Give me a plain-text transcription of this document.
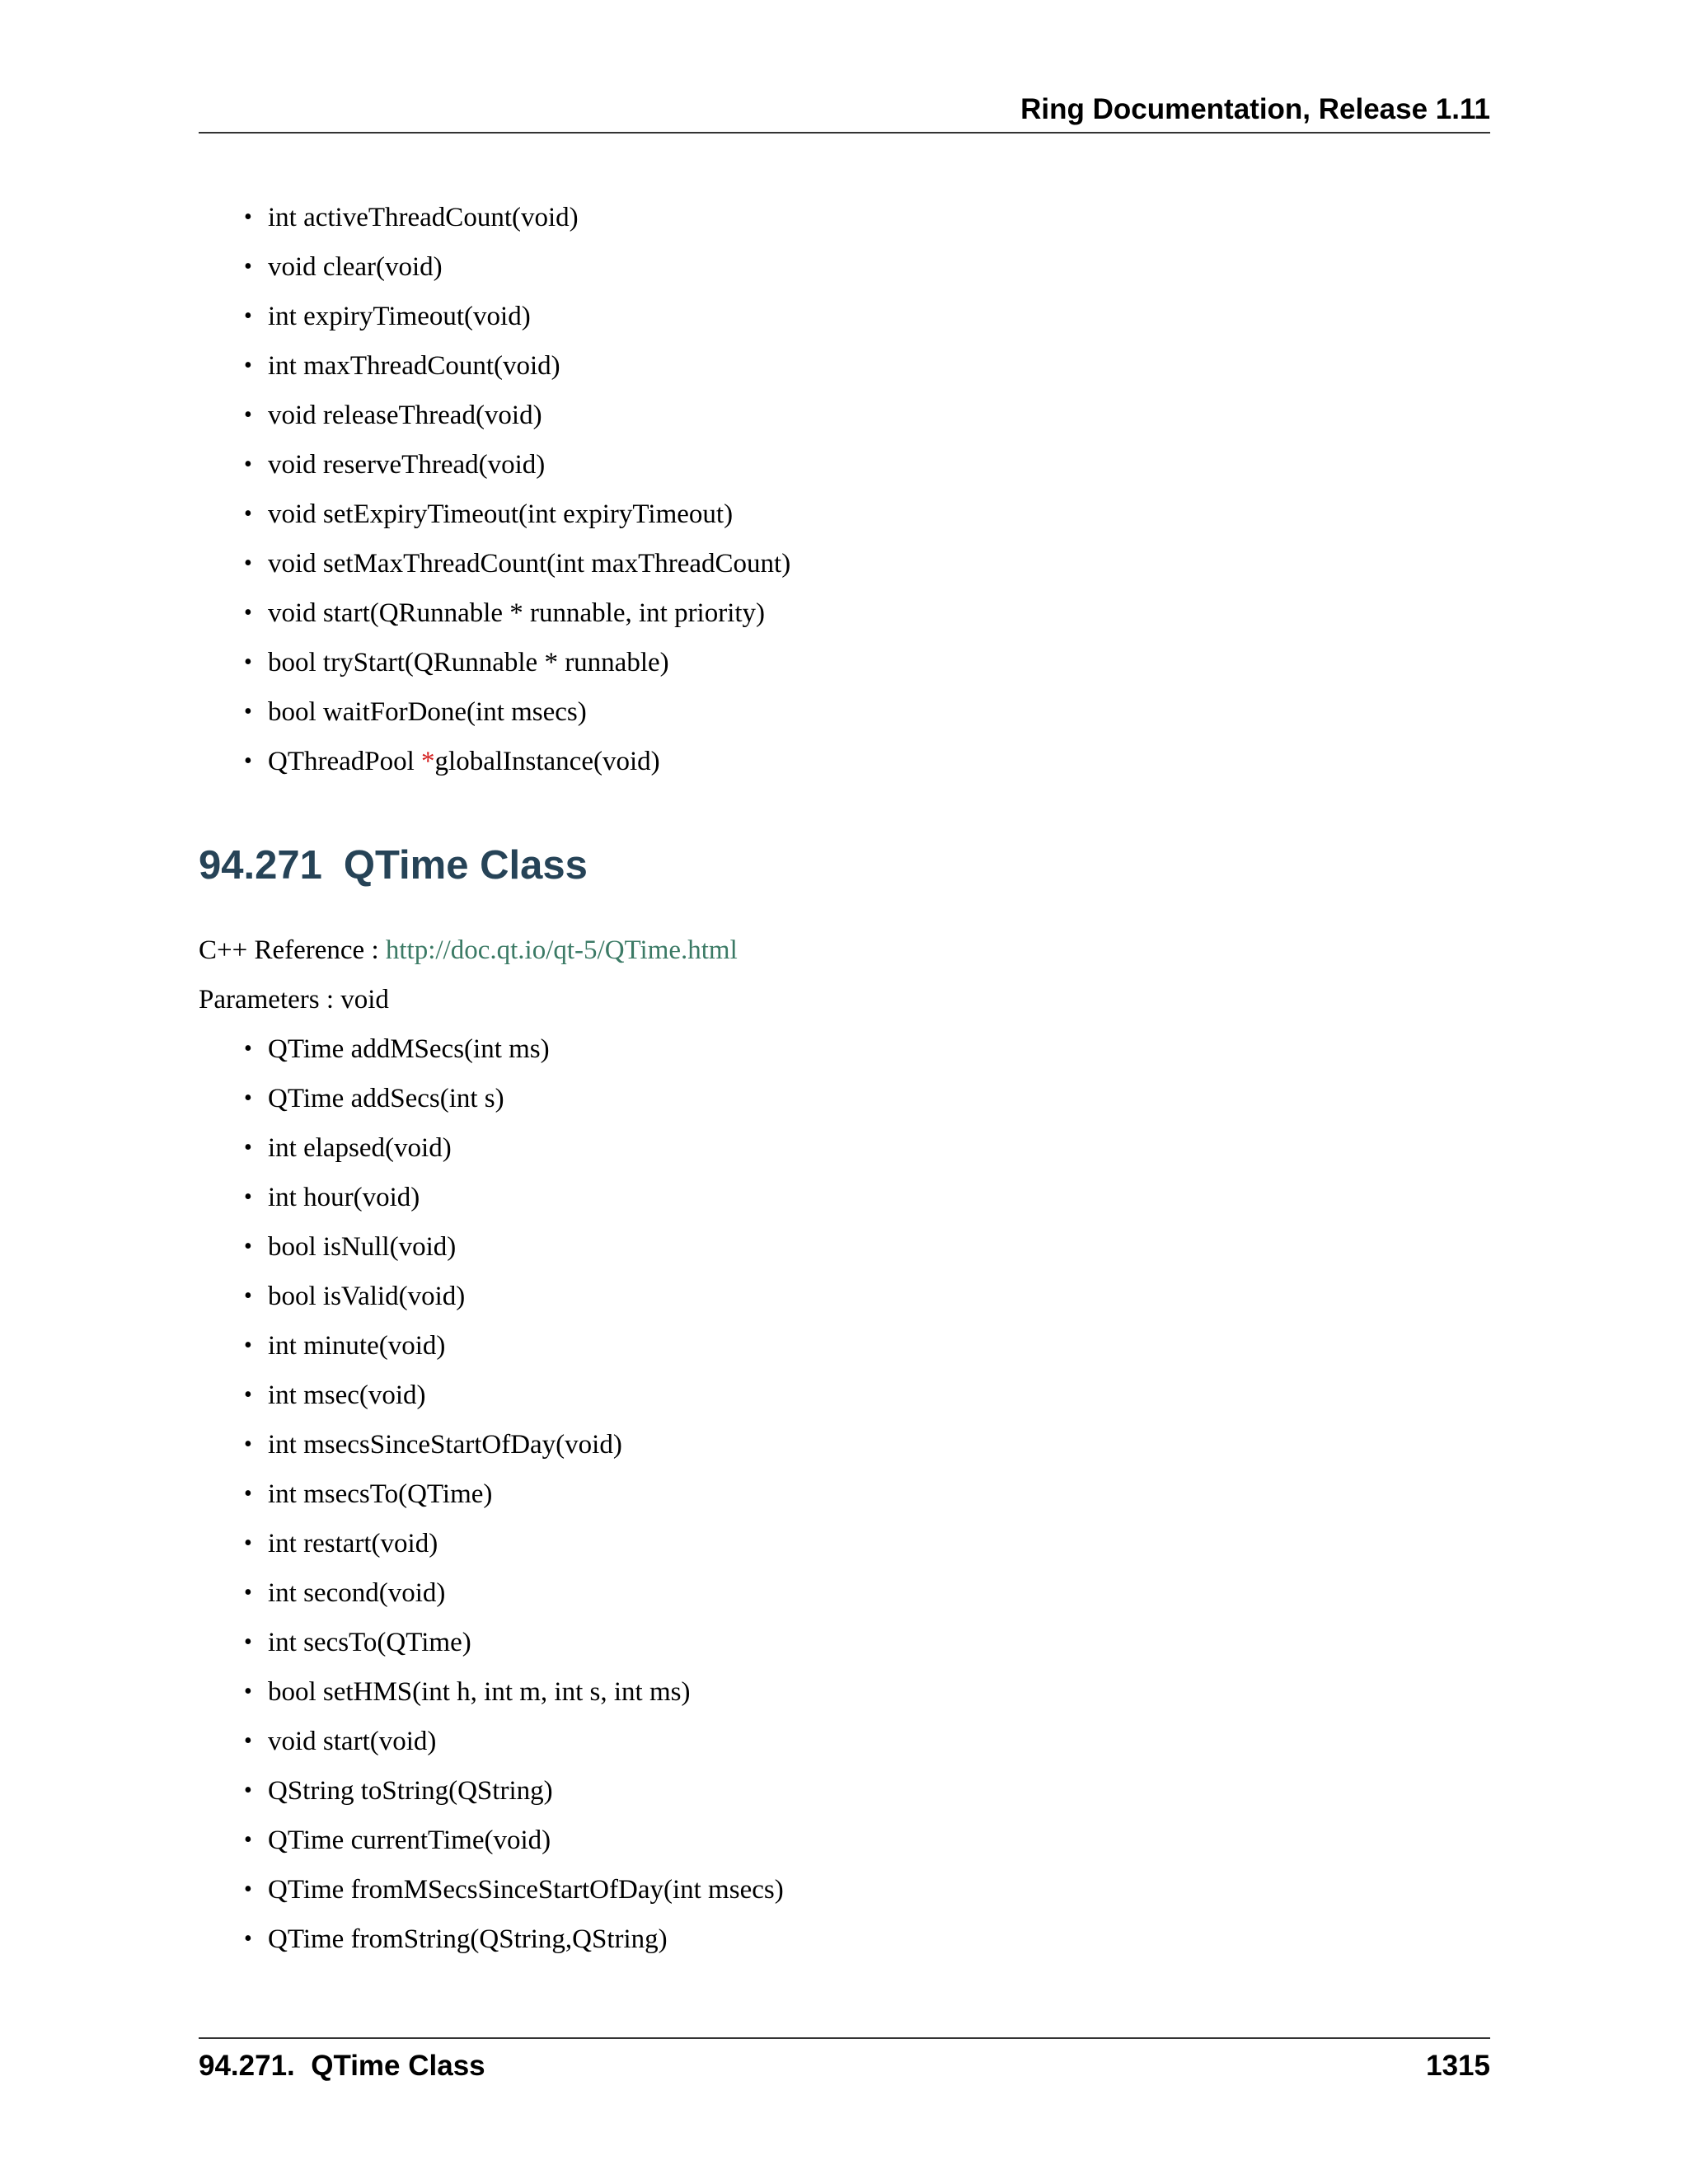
Ring Documentation, Release 1.11
• int activeThreadCount(void)
• void clear(void)
• int expiryTimeout(void)
• int maxThreadCount(void)
• void releaseThread(void)
• void reserveThread(void)
• void setExpiryTimeout(int expiryTimeout)
• void setMaxThreadCount(int maxThreadCount)
• void start(QRunnable * runnable, int priority)
• bool tryStart(QRunnable * runnable)
• bool waitForDone(int msecs)
• QThreadPool *globalInstance(void)
94.271 QTime Class
C++ Reference : http://doc.qt.io/qt-5/QTime.html
Parameters : void
• QTime addMSecs(int ms)
• QTime addSecs(int s)
• int elapsed(void)
• int hour(void)
• bool isNull(void)
• bool isValid(void)
• int minute(void)
• int msec(void)
• int msecsSinceStartOfDay(void)
• int msecsTo(QTime)
• int restart(void)
• int second(void)
• int secsTo(QTime)
• bool setHMS(int h, int m, int s, int ms)
• void start(void)
• QString toString(QString)
• QTime currentTime(void)
• QTime fromMSecsSinceStartOfDay(int msecs)
• QTime fromString(QString,QString)
94.271.  QTime Class	1315
